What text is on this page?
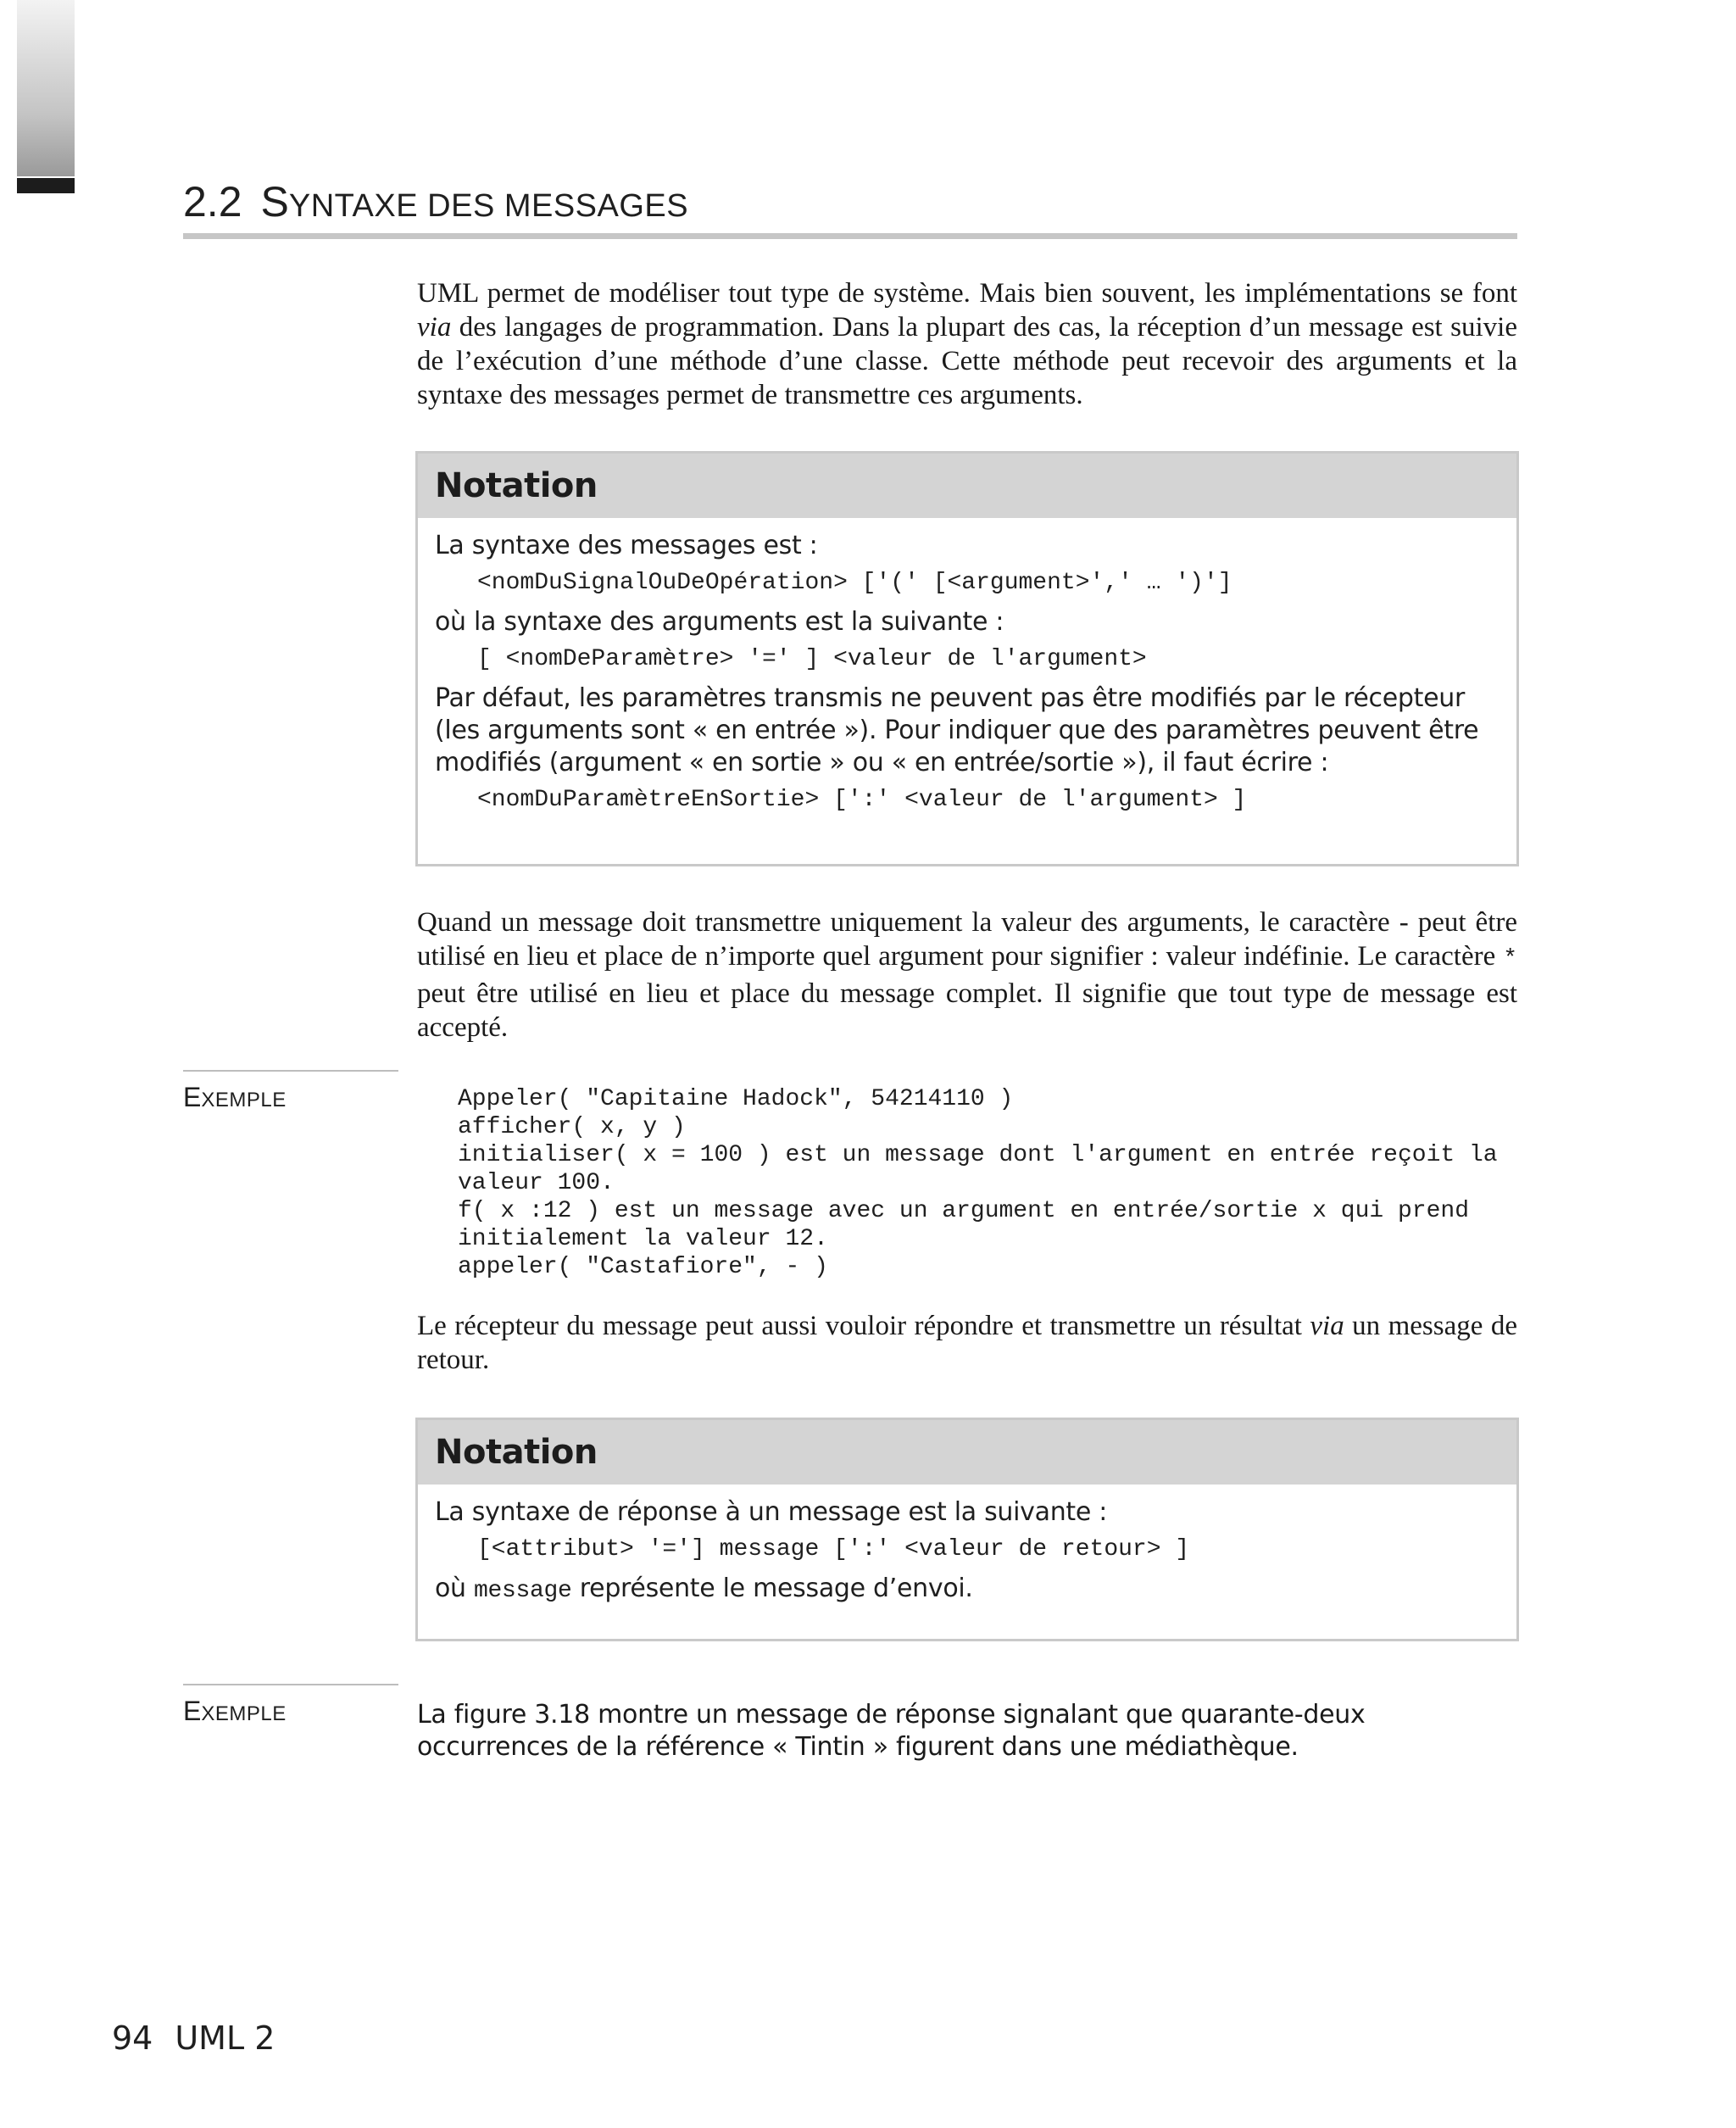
2.2 SYNTAXE DES MESSAGES

UML permet de modéliser tout type de système. Mais bien souvent, les implémentations se font via des langages de programmation. Dans la plupart des cas, la réception d’un message est suivie de l’exécution d’une méthode d’une classe. Cette méthode peut recevoir des arguments et la syntaxe des messages permet de transmettre ces arguments.

Notation
La syntaxe des messages est :
<nomDuSignalOuDeOpération> ['(' [<argument>',' … ')']
où la syntaxe des arguments est la suivante :
[ <nomDeParamètre> '=' ] <valeur de l'argument>
Par défaut, les paramètres transmis ne peuvent pas être modifiés par le récepteur (les arguments sont « en entrée »). Pour indiquer que des paramètres peuvent être modifiés (argument « en sortie » ou « en entrée/sortie »), il faut écrire :
<nomDuParamètreEnSortie> [':' <valeur de l'argument> ]

Quand un message doit transmettre uniquement la valeur des arguments, le caractère - peut être utilisé en lieu et place de n’importe quel argument pour signifier : valeur indéfinie. Le caractère * peut être utilisé en lieu et place du message complet. Il signifie que tout type de message est accepté.

EXEMPLE	Appeler( "Capitaine Hadock", 54214110 )
afficher( x, y )
initialiser( x = 100 ) est un message dont l'argument en entrée reçoit la
valeur 100.
f( x :12 ) est un message avec un argument en entrée/sortie x qui prend
initialement la valeur 12.
appeler( "Castafiore", - )

Le récepteur du message peut aussi vouloir répondre et transmettre un résultat via un message de retour.

Notation
La syntaxe de réponse à un message est la suivante :
[<attribut> '='] message [':' <valeur de retour> ]
où message représente le message d’envoi.
EXEMPLE	La figure 3.18 montre un message de réponse signalant que quarante-deux occurrences de la référence « Tintin » figurent dans une médiathèque.

94 UML 2
